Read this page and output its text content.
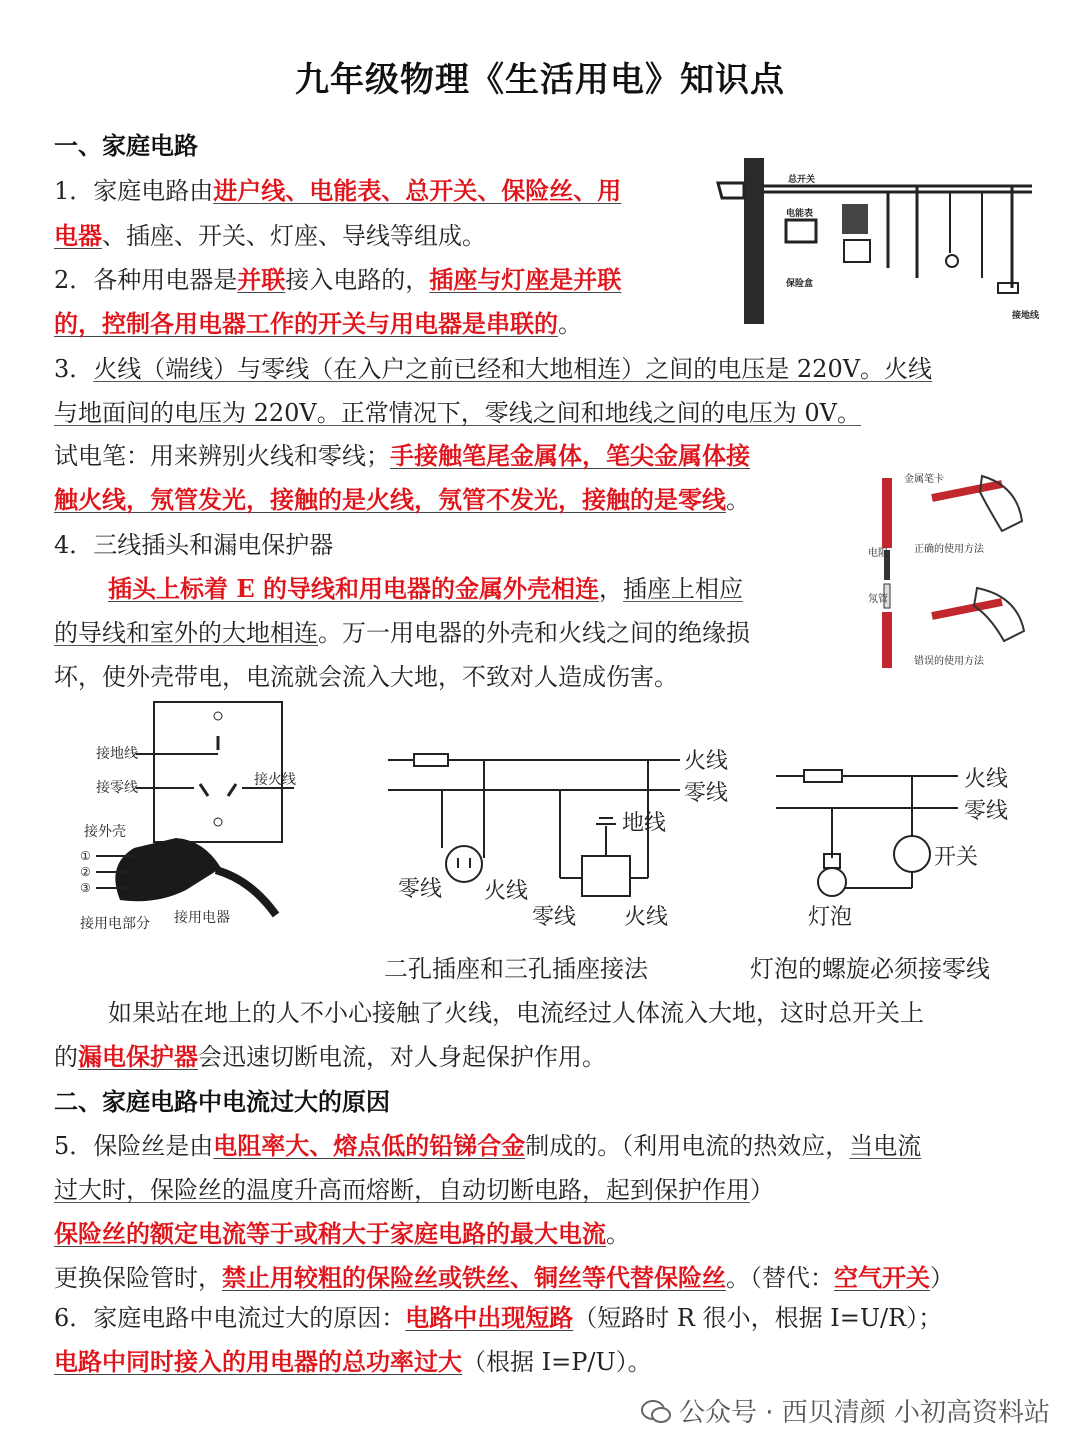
九年级物理《生活用电》知识点
一、家庭电路
1．家庭电路由进户线、电能表、总开关、保险丝、用
电器、插座、开关、灯座、导线等组成。
2．各种用电器是并联接入电路的，插座与灯座是并联
的，控制各用电器工作的开关与用电器是串联的。
3．火线（端线）与零线（在入户之前已经和大地相连）之间的电压是 220V。火线
与地面间的电压为 220V。正常情况下，零线之间和地线之间的电压为 0V。
试电笔：用来辨别火线和零线；手接触笔尾金属体，笔尖金属体接
触火线，氖管发光，接触的是火线，氖管不发光，接触的是零线。
4．三线插头和漏电保护器
插头上标着 E 的导线和用电器的金属外壳相连，插座上相应
的导线和室外的大地相连。万一用电器的外壳和火线之间的绝缘损
坏，使外壳带电，电流就会流入大地，不致对人造成伤害。
总开关
电能表
保险盒
接地线
金属笔卡
正确的使用方法
错误的使用方法
电阻
氖管
接地线
接零线	接火线
接外壳
①
②
③
接用电部分 接用电器
火线
零线
地线
零线 火线
零线 火线
火线
零线
开关
灯泡
二孔插座和三孔插座接法	灯泡的螺旋必须接零线
如果站在地上的人不小心接触了火线，电流经过人体流入大地，这时总开关上
的漏电保护器会迅速切断电流，对人身起保护作用。
二、家庭电路中电流过大的原因
5．保险丝是由电阻率大、熔点低的铅锑合金制成的。（利用电流的热效应，当电流
过大时，保险丝的温度升高而熔断，自动切断电路，起到保护作用）
保险丝的额定电流等于或稍大于家庭电路的最大电流。
更换保险管时，禁止用较粗的保险丝或铁丝、铜丝等代替保险丝。（替代：空气开关）
6．家庭电路中电流过大的原因：电路中出现短路（短路时 R 很小，根据 I=U/R）；
电路中同时接入的用电器的总功率过大（根据 I=P/U）。
公众号 · 西贝清颜 小初高资料站
